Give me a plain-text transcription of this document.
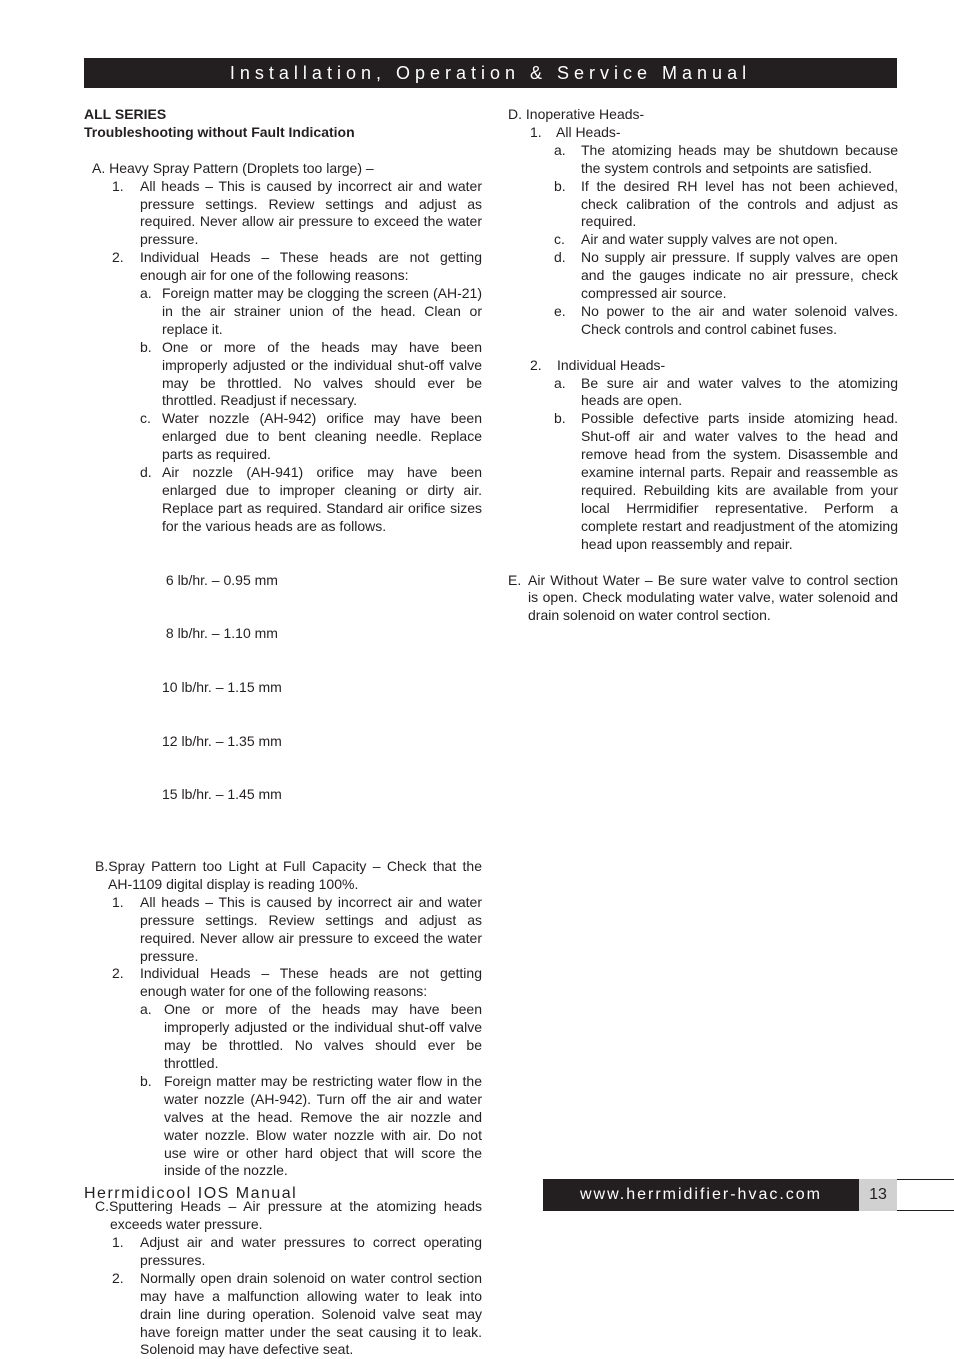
Installation, Operation & Service Manual
ALL SERIES
Troubleshooting without Fault Indication
A. Heavy Spray Pattern (Droplets too large) –
1.	All heads – This is caused by incorrect air and water pressure settings. Review settings and adjust as required. Never allow air pressure to exceed the water pressure.
2.	Individual Heads – These heads are not getting enough air for one of the following reasons:
a. Foreign matter may be clogging the screen (AH-21) in the air strainer union of the head. Clean or replace it.
b. One or more of the heads may have been improperly adjusted or the individual shut-off valve may be throttled. No valves should ever be throttled. Readjust if necessary.
c. Water nozzle (AH-942) orifice may have been enlarged due to bent cleaning needle. Replace parts as required.
d. Air nozzle (AH-941) orifice may have been enlarged due to improper cleaning or dirty air. Replace part as required. Standard air orifice sizes for the various heads are as follows.

6 lb/hr. – 0.95 mm

8 lb/hr. – 1.10 mm

10 lb/hr. – 1.15 mm

12 lb/hr. – 1.35 mm

15 lb/hr. – 1.45 mm

B.Spray Pattern too Light at Full Capacity – Check that the AH-1109 digital display is reading 100%.
1.	All heads – This is caused by incorrect air and water pressure settings. Review settings and adjust as required. Never allow air pressure to exceed the water pressure.
2.	Individual Heads – These heads are not getting enough water for one of the following reasons:
a. One or more of the heads may have been improperly adjusted or the individual shut-off valve may be throttled. No valves should ever be throttled.
b. Foreign matter may be restricting water flow in the water nozzle (AH-942). Turn off the air and water valves at the head. Remove the air nozzle and water nozzle. Blow water nozzle with air. Do not use wire or other hard object that will score the inside of the nozzle.
C.Sputtering Heads – Air pressure at the atomizing heads exceeds water pressure.
1.	Adjust air and water pressures to correct operating pressures.
2.	Normally open drain solenoid on water control section may have a malfunction allowing water to leak into drain line during operation. Solenoid valve seat may have foreign matter under the seat causing it to leak. Solenoid may have defective seat.
D. Inoperative Heads-
1.	All Heads-
a.	The atomizing heads may be shutdown because the system controls and setpoints are satisfied.
b.	If the desired RH level has not been achieved, check calibration of the controls and adjust as required.
c.	Air and water supply valves are not open.
d.	No supply air pressure. If supply valves are open and the gauges indicate no air pressure, check compressed air source.
e.	No power to the air and water solenoid valves. Check controls and control cabinet fuses.
2.	Individual Heads-
a.	Be sure air and water valves to the atomizing heads are open.
b.	Possible defective parts inside atomizing head. Shut-off air and water valves to the head and remove head from the system. Disassemble and examine internal parts. Repair and reassemble as required. Rebuilding kits are available from your local Herrmidifier representative. Perform a complete restart and readjustment of the atomizing head upon reassembly and repair.
E. Air Without Water – Be sure water valve to control section is open. Check modulating water valve, water solenoid and drain solenoid on water control section.
Herrmidicool IOS Manual	www.herrmidifier-hvac.com	13
